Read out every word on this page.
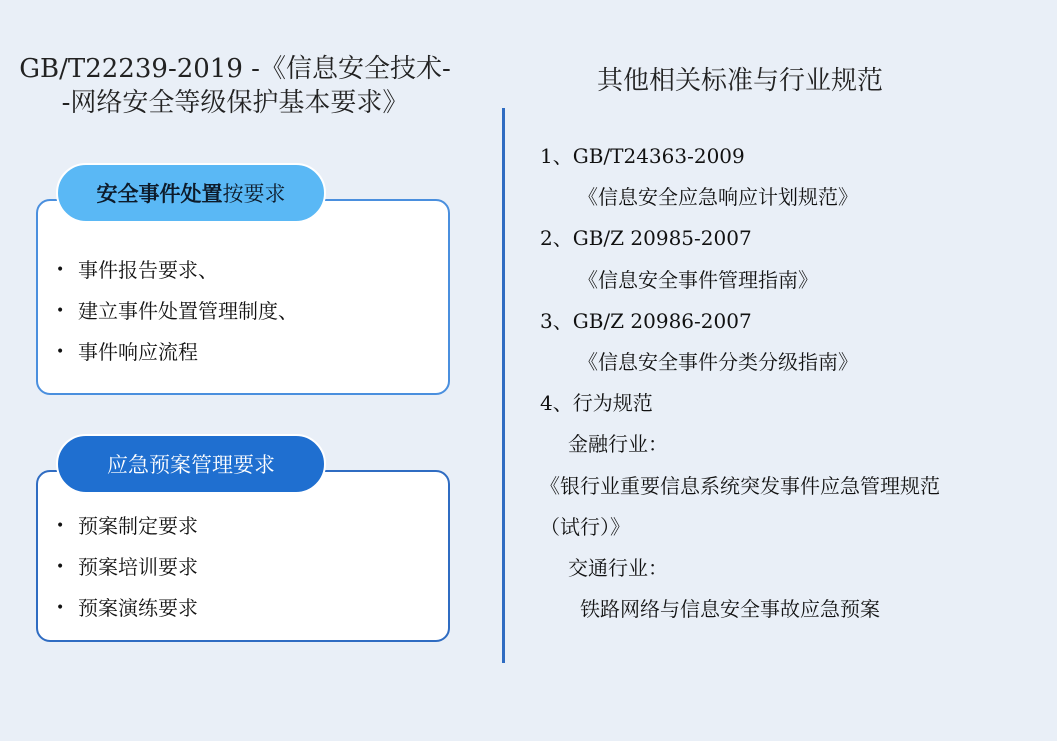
GB/T22239-2019 -《信息安全技术-
-网络安全等级保护基本要求》
其他相关标准与行业规范
安全事件处置 按要求
• 事件报告要求、
• 建立事件处置管理制度、
• 事件响应流程
应急预案管理要求
• 预案制定要求
• 预案培训要求
• 预案演练要求
1、GB/T24363-2009
《信息安全应急响应计划规范》
2、GB/Z 20985-2007
《信息安全事件管理指南》
3、GB/Z 20986-2007
《信息安全事件分类分级指南》
4、行为规范
金融行业：
《银行业重要信息系统突发事件应急管理规范
（试行）》
交通行业：
铁路网络与信息安全事故应急预案
